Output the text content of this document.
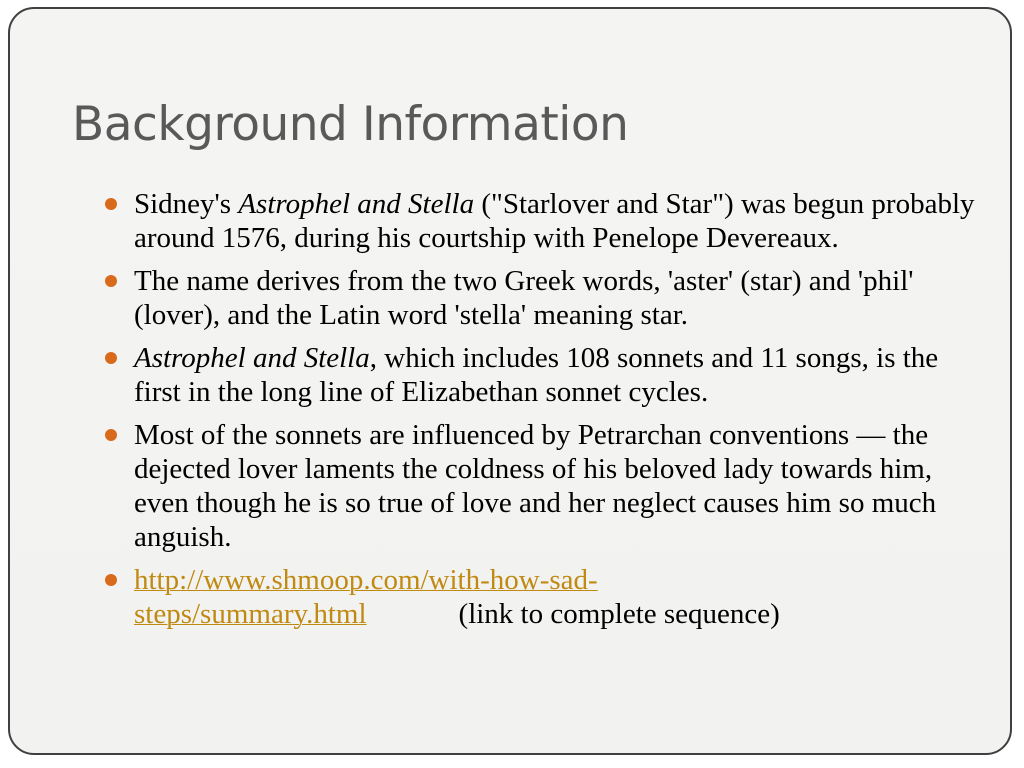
Background Information
Sidney's Astrophel and Stella ("Starlover and Star") was begun probably around 1576, during his courtship with Penelope Devereaux.
The name derives from the two Greek words, 'aster' (star) and 'phil' (lover), and the Latin word 'stella' meaning star.
Astrophel and Stella, which includes 108 sonnets and 11 songs, is the first in the long line of Elizabethan sonnet cycles.
Most of the sonnets are influenced by Petrarchan conventions — the dejected lover laments the coldness of his beloved lady towards him, even though he is so true of love and her neglect causes him so much anguish.
http://www.shmoop.com/with-how-sad-
steps/summary.html	(link to complete sequence)
